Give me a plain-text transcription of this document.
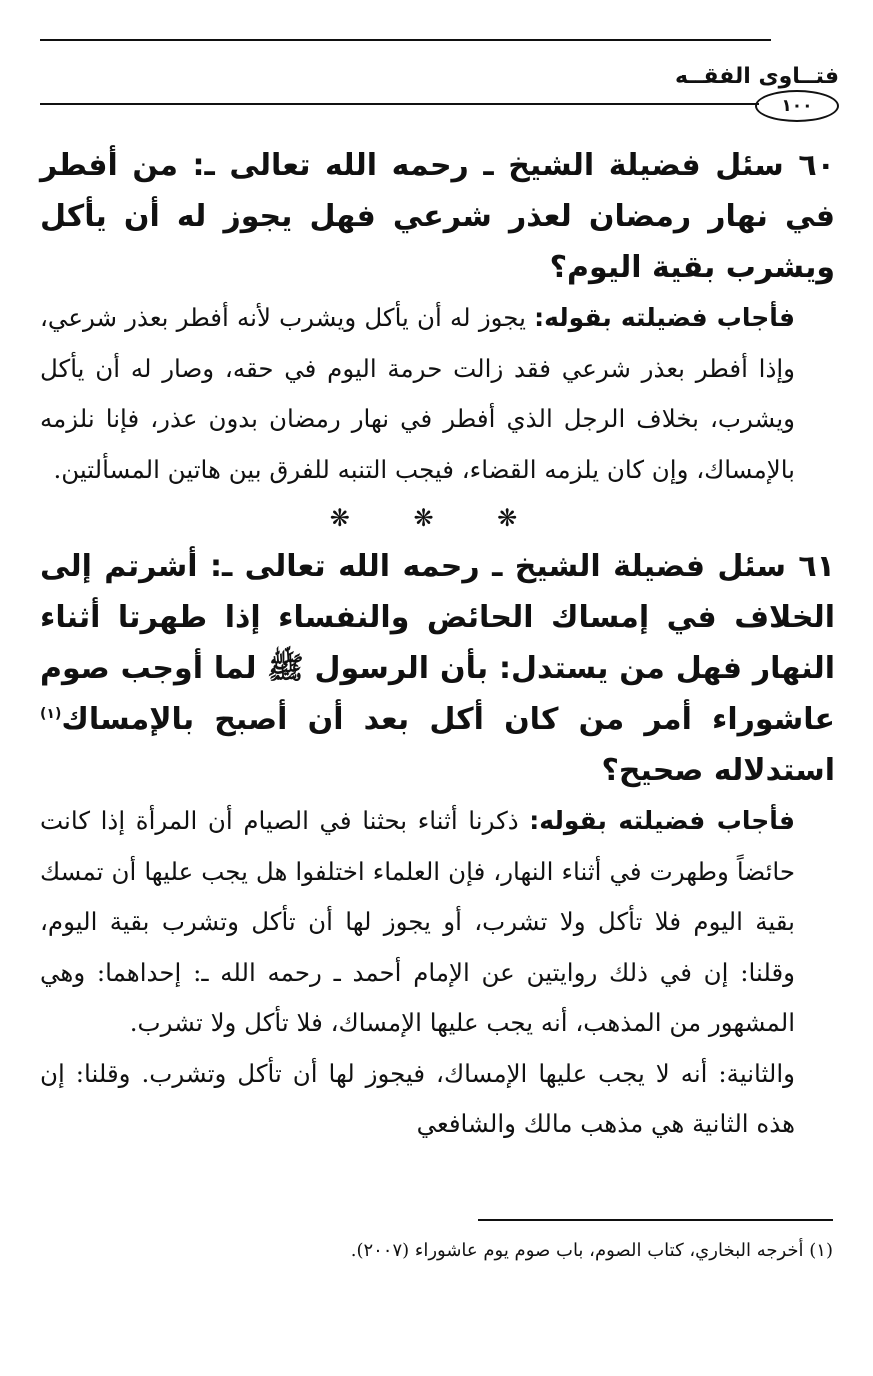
فتــاوى الفقــه
١٠٠

٦٠ سئل فضيلة الشيخ ـ رحمه الله تعالى ـ: من أفطر في نهار رمضان لعذر شرعي فهل يجوز له أن يأكل ويشرب بقية اليوم؟

فأجاب فضيلته بقوله: يجوز له أن يأكل ويشرب لأنه أفطر بعذر شرعي، وإذا أفطر بعذر شرعي فقد زالت حرمة اليوم في حقه، وصار له أن يأكل ويشرب، بخلاف الرجل الذي أفطر في نهار رمضان بدون عذر، فإنا نلزمه بالإمساك، وإن كان يلزمه القضاء، فيجب التنبه للفرق بين هاتين المسألتين.

❋ ❋ ❋

٦١ سئل فضيلة الشيخ ـ رحمه الله تعالى ـ: أشرتم إلى الخلاف في إمساك الحائض والنفساء إذا طهرتا أثناء النهار فهل من يستدل: بأن الرسول ﷺ لما أوجب صوم عاشوراء أمر من كان أكل بعد أن أصبح بالإمساك$^{(١)}$ استدلاله صحيح؟

فأجاب فضيلته بقوله: ذكرنا أثناء بحثنا في الصيام أن المرأة إذا كانت حائضاً وطهرت في أثناء النهار، فإن العلماء اختلفوا هل يجب عليها أن تمسك بقية اليوم فلا تأكل ولا تشرب، أو يجوز لها أن تأكل وتشرب بقية اليوم، وقلنا: إن في ذلك روايتين عن الإمام أحمد ـ رحمه الله ـ: إحداهما: وهي المشهور من المذهب، أنه يجب عليها الإمساك، فلا تأكل ولا تشرب.

والثانية: أنه لا يجب عليها الإمساك، فيجوز لها أن تأكل وتشرب. وقلنا: إن هذه الثانية هي مذهب مالك والشافعي

(١) أخرجه البخاري، كتاب الصوم، باب صوم يوم عاشوراء (٢٠٠٧).
